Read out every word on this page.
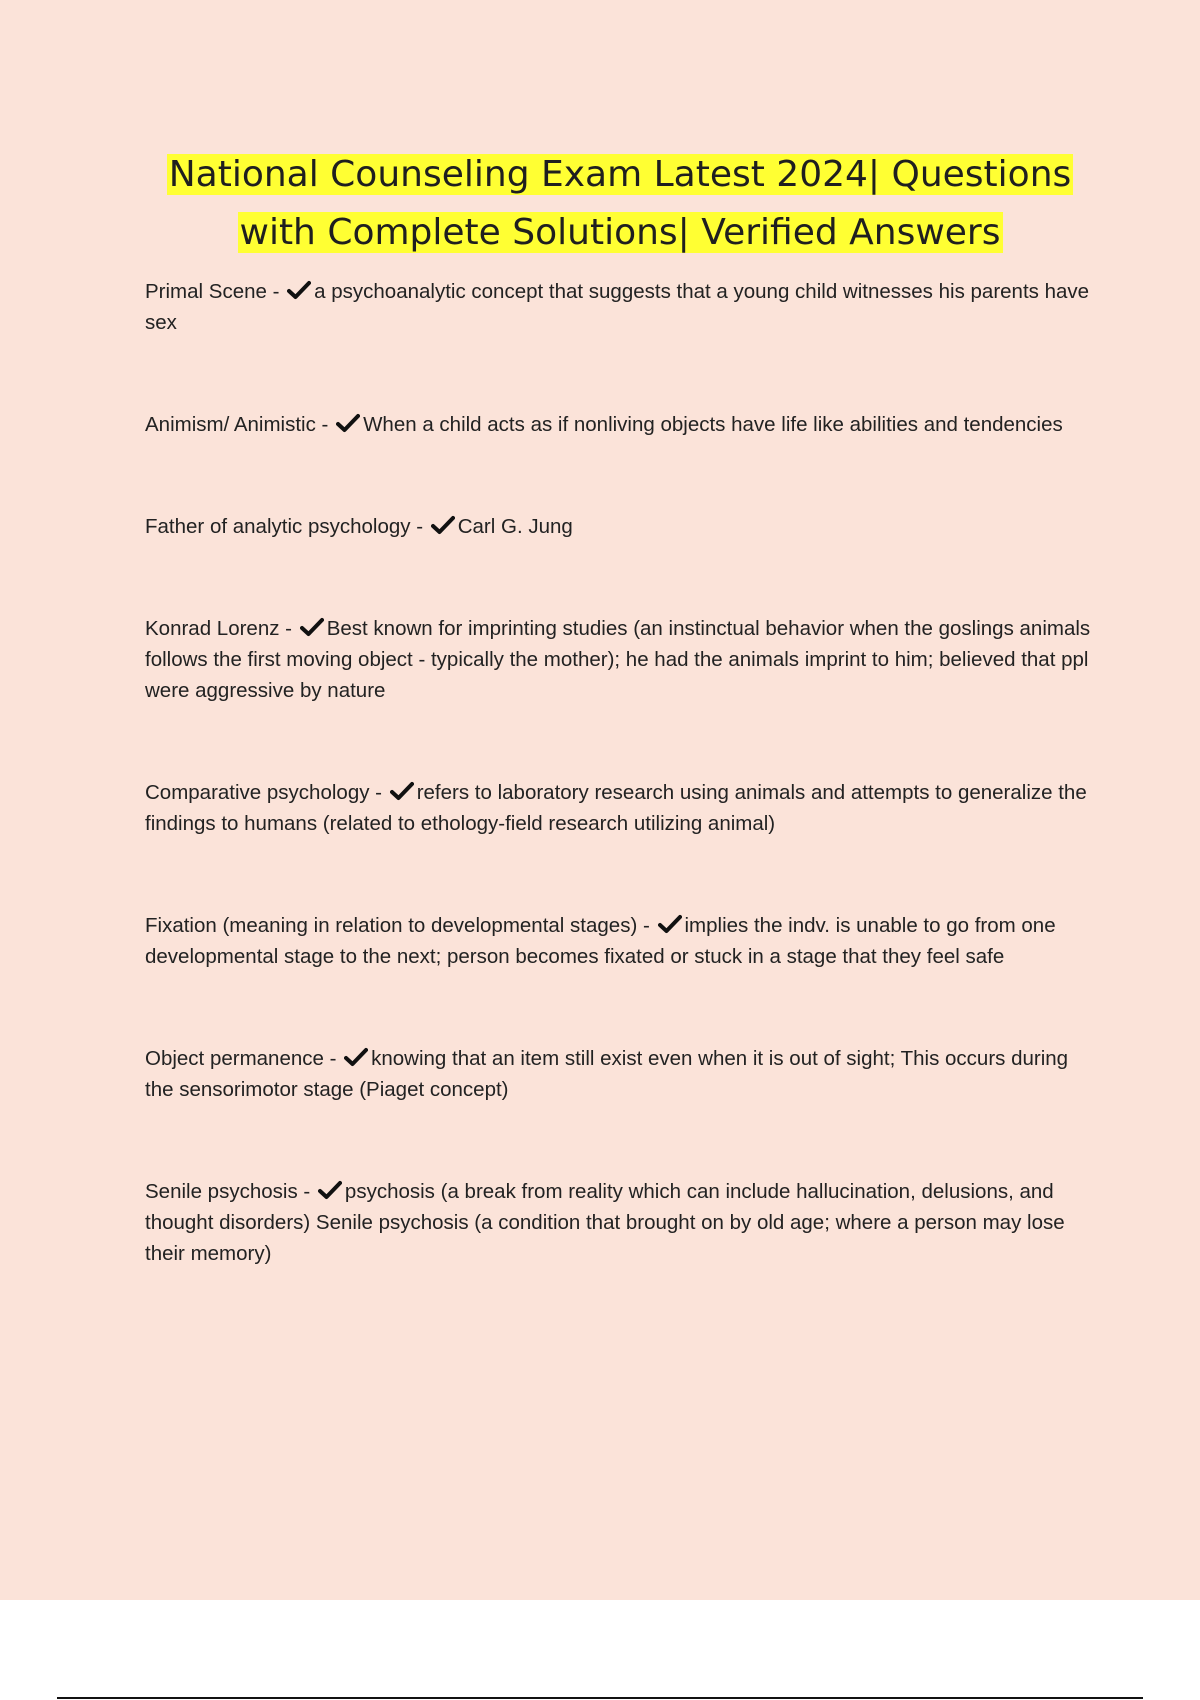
National Counseling Exam Latest 2024| Questions
with Complete Solutions| Verified Answers
Primal Scene - a psychoanalytic concept that suggests that a young child witnesses his parents have sex
Animism/ Animistic - When a child acts as if nonliving objects have life like abilities and tendencies
Father of analytic psychology - Carl G. Jung
Konrad Lorenz - Best known for imprinting studies (an instinctual behavior when the goslings animals follows the first moving object - typically the mother); he had the animals imprint to him; believed that ppl were aggressive by nature
Comparative psychology - refers to laboratory research using animals and attempts to generalize the findings to humans (related to ethology-field research utilizing animal)
Fixation (meaning in relation to developmental stages) - implies the indv. is unable to go from one developmental stage to the next; person becomes fixated or stuck in a stage that they feel safe
Object permanence - knowing that an item still exist even when it is out of sight; This occurs during the sensorimotor stage (Piaget concept)
Senile psychosis - psychosis (a break from reality which can include hallucination, delusions, and thought disorders) Senile psychosis (a condition that brought on by old age; where a person may lose their memory)
